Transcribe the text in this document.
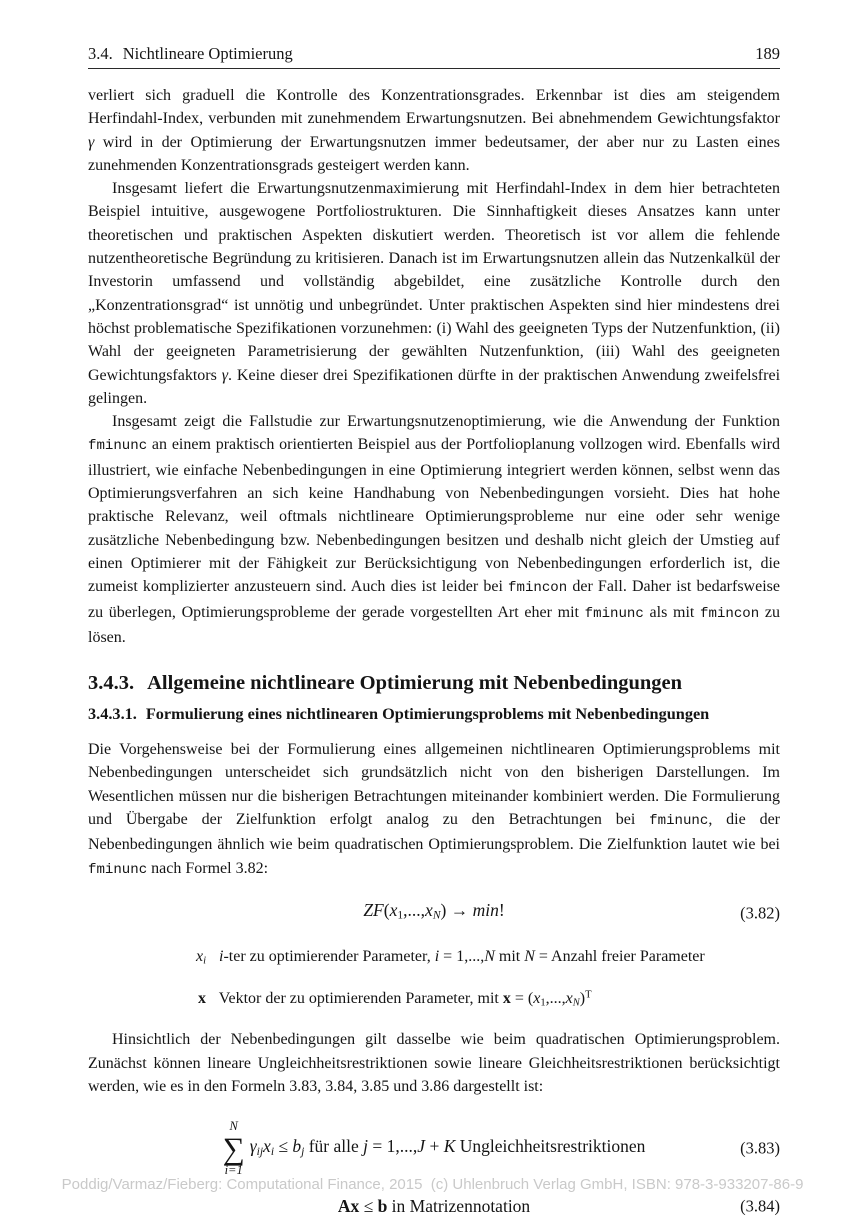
3.4. Nichtlineare Optimierung	189

verliert sich graduell die Kontrolle des Konzentrationsgrades. Erkennbar ist dies am steigendem Herfindahl-Index, verbunden mit zunehmendem Erwartungsnutzen. Bei abnehmendem Gewichtungsfaktor γ wird in der Optimierung der Erwartungsnutzen immer bedeutsamer, der aber nur zu Lasten eines zunehmenden Konzentrationsgrads gesteigert werden kann.

Insgesamt liefert die Erwartungsnutzenmaximierung mit Herfindahl-Index in dem hier betrachteten Beispiel intuitive, ausgewogene Portfoliostrukturen. Die Sinnhaftigkeit dieses Ansatzes kann unter theoretischen und praktischen Aspekten diskutiert werden. Theoretisch ist vor allem die fehlende nutzentheoretische Begründung zu kritisieren. Danach ist im Erwartungsnutzen allein das Nutzenkalkül der Investorin umfassend und vollständig abgebildet, eine zusätzliche Kontrolle durch den „Konzentrationsgrad“ ist unnötig und unbegründet. Unter praktischen Aspekten sind hier mindestens drei höchst problematische Spezifikationen vorzunehmen: (i) Wahl des geeigneten Typs der Nutzenfunktion, (ii) Wahl der geeigneten Parametrisierung der gewählten Nutzenfunktion, (iii) Wahl des geeigneten Gewichtungsfaktors γ. Keine dieser drei Spezifikationen dürfte in der praktischen Anwendung zweifelsfrei gelingen.

Insgesamt zeigt die Fallstudie zur Erwartungsnutzenoptimierung, wie die Anwendung der Funktion fminunc an einem praktisch orientierten Beispiel aus der Portfolioplanung vollzogen wird. Ebenfalls wird illustriert, wie einfache Nebenbedingungen in eine Optimierung integriert werden können, selbst wenn das Optimierungsverfahren an sich keine Handhabung von Nebenbedingungen vorsieht. Dies hat hohe praktische Relevanz, weil oftmals nichtlineare Optimierungsprobleme nur eine oder sehr wenige zusätzliche Nebenbedingung bzw. Nebenbedingungen besitzen und deshalb nicht gleich der Umstieg auf einen Optimierer mit der Fähigkeit zur Berücksichtigung von Nebenbedingungen erforderlich ist, die zumeist komplizierter anzusteuern sind. Auch dies ist leider bei fmincon der Fall. Daher ist bedarfsweise zu überlegen, Optimierungsprobleme der gerade vorgestellten Art eher mit fminunc als mit fmincon zu lösen.

3.4.3. Allgemeine nichtlineare Optimierung mit Nebenbedingungen
3.4.3.1. Formulierung eines nichtlinearen Optimierungsproblems mit Nebenbedingungen

Die Vorgehensweise bei der Formulierung eines allgemeinen nichtlinearen Optimierungsproblems mit Nebenbedingungen unterscheidet sich grundsätzlich nicht von den bisherigen Darstellungen. Im Wesentlichen müssen nur die bisherigen Betrachtungen miteinander kombiniert werden. Die Formulierung und Übergabe der Zielfunktion erfolgt analog zu den Betrachtungen bei fminunc, die der Nebenbedingungen ähnlich wie beim quadratischen Optimierungsproblem. Die Zielfunktion lautet wie bei fminunc nach Formel 3.82:

ZF(x1,...,xN) → min!	(3.82)
xi i-ter zu optimierender Parameter, i = 1,...,N mit N = Anzahl freier Parameter
x Vektor der zu optimierenden Parameter, mit $x = (x1,...,xN)^T$

Hinsichtlich der Nebenbedingungen gilt dasselbe wie beim quadratischen Optimierungsproblem. Zunächst können lineare Ungleichheitsrestriktionen sowie lineare Gleichheitsrestriktionen berücksichtigt werden, wie es in den Formeln 3.83, 3.84, 3.85 und 3.86 dargestellt ist:

N
∑
i=1
γijxi ≤ bj für alle j = 1,...,J + K Ungleichheitsrestriktionen	(3.83)
Ax ≤ b in Matrizennotation	(3.84)

Poddig/Varmaz/Fieberg: Computational Finance, 2015  (c) Uhlenbruch Verlag GmbH, ISBN: 978-3-933207-86-9
